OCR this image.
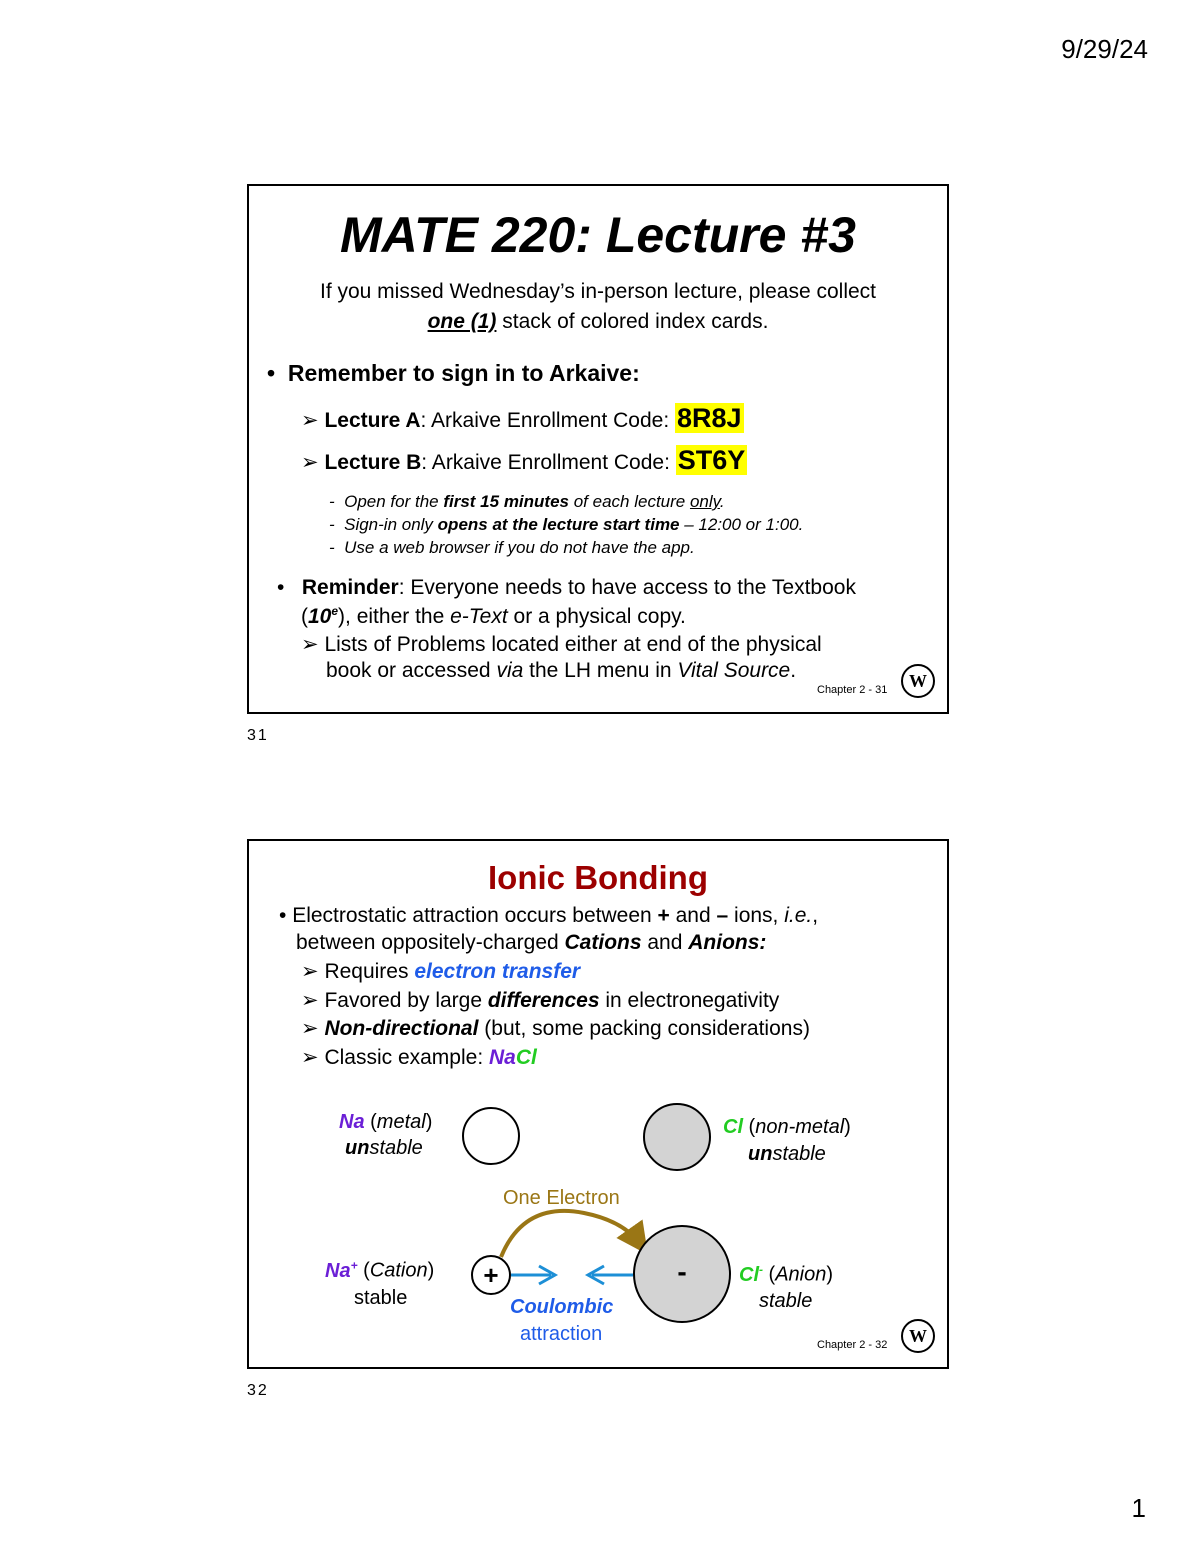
9/29/24
MATE 220: Lecture #3
If you missed Wednesday’s in-person lecture, please collect
one (1) stack of colored index cards.
•  Remember to sign in to Arkaive:
➢ Lecture A: Arkaive Enrollment Code: 8R8J
➢ Lecture B: Arkaive Enrollment Code: ST6Y
-  Open for the first 15 minutes of each lecture only.
-  Sign-in only opens at the lecture start time – 12:00 or 1:00.
-  Use a web browser if you do not have the app.
•   Reminder: Everyone needs to have access to the Textbook
(10e), either the e-Text or a physical copy.
➢ Lists of Problems located either at end of the physical
book or accessed via the LH menu in Vital Source.
Chapter 2 - 31	W
31
Ionic Bonding
• Electrostatic attraction occurs between + and – ions, i.e.,
between oppositely-charged Cations and Anions:
➢ Requires electron transfer
➢ Favored by large differences in electronegativity
➢ Non-directional (but, some packing considerations)
➢ Classic example: NaCl
Na (metal)
unstable
Cl (non-metal)
unstable
One Electron
Na+ (Cation)
stable
+	-	Cl- (Anion)
stable
Coulombic
attraction	Chapter 2 - 32	W
32
1
